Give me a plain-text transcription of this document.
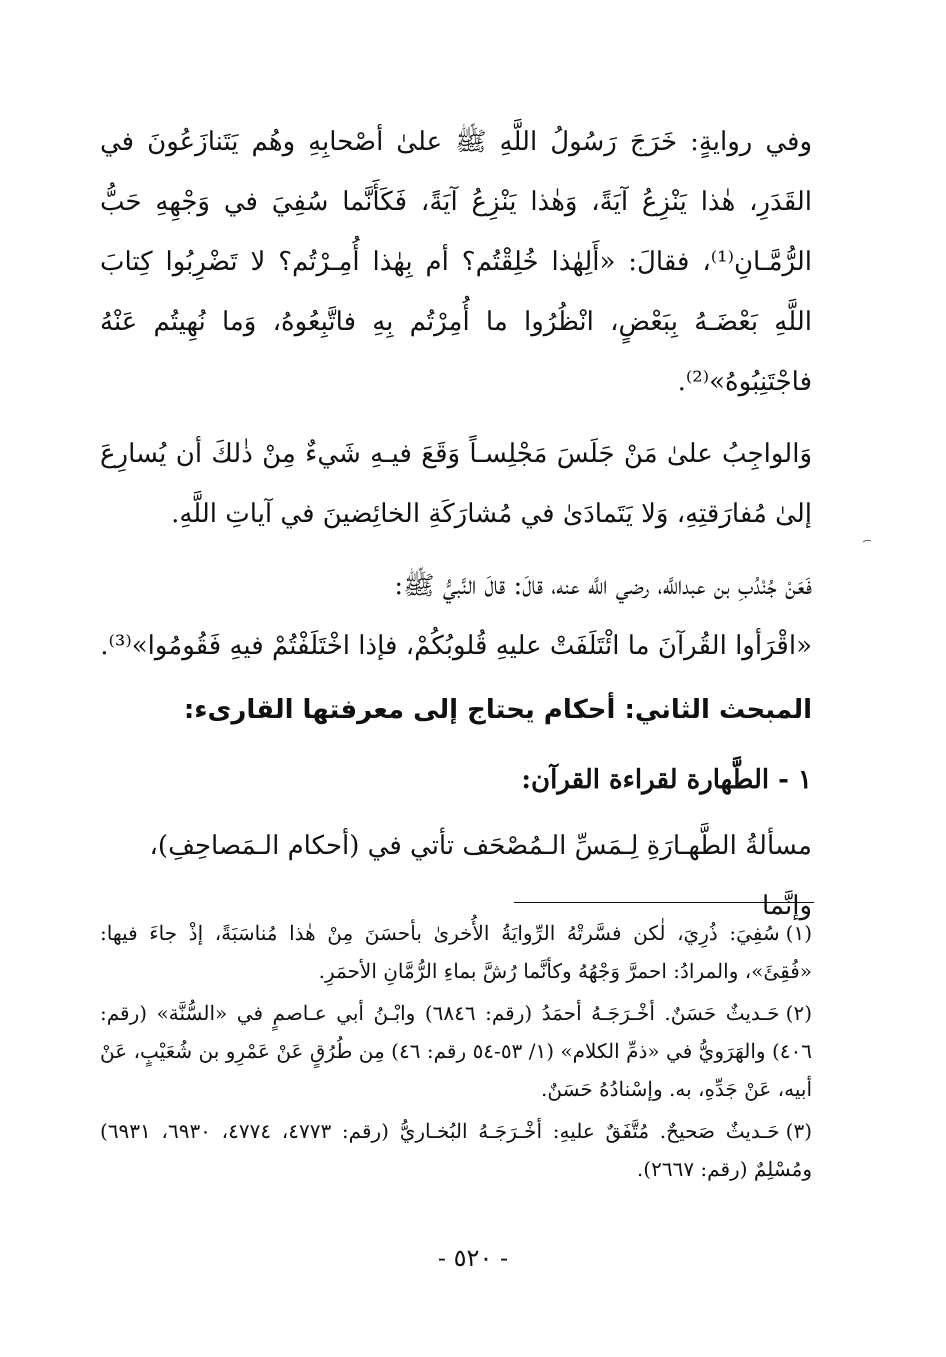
وفي روايةٍ: خَرَجَ رَسُولُ اللَّهِ ﷺ علىٰ أصْحابِهِ وهُم يَتَنازَعُونَ في القَدَرِ، هٰذا يَنْزِعُ آيَةً، وَهٰذا يَنْزِعُ آيَةً، فَكَأَنَّما سُفِيَ في وَجْهِهِ حَبُّ الرُّمَّـانِ⁽¹⁾، فقالَ: «أَلِهٰذا خُلِقْتُم؟ أم بِهٰذا أُمِـرْتُم؟ لا تَضْرِبُوا كِتابَ اللَّهِ بَعْضَـهُ بِبَعْضٍ، انْظُرُوا ما أُمِرْتُم بِهِ فاتَّبِعُوهُ، وَما نُهِيتُم عَنْهُ فاجْتَنِبُوهُ»⁽²⁾.

وَالواجِبُ علىٰ مَنْ جَلَسَ مَجْلِسـاً وَقَعَ فيـهِ شَيءٌ مِنْ ذٰلكَ أن يُسارِعَ إلىٰ مُفارَقتِهِ، وَلا يَتَمادَىٰ في مُشارَكَةِ الخائِضينَ في آياتِ اللَّهِ.

فَعَنْ جُنْدُبِ بن عبداللَّه، رضي اللَّه عنه، قالَ: قالَ النَّبيُّ ﷺ:

«اقْرَأوا القُرآنَ ما ائْتَلَفَتْ عليهِ قُلوبُكُمْ، فإذا اخْتَلَفْتُمْ فيهِ فَقُومُوا»⁽³⁾.

المبحث الثاني: أحكام يحتاج إلى معرفتها القارىء:
١ - الطَّهارة لقراءة القرآن:

مسألةُ الطَّهـارَةِ لِـمَسِّ الـمُصْحَف تأتي في (أحكام الـمَصاحِفِ)، وإنَّما

(١)سُفِيَ: ذُرِيَ، لٰكن فسَّرتْهُ الرِّوايَةُ الأُخرىٰ بأحسَنَ مِنْ هٰذا مُناسَبَةً، إذْ جاءَ فيها: «فُقِئَ»، والمرادُ: احمرَّ وَجْهُهُ وكأنَّما رُشَّ بماءِ الرُّمَّانِ الأحمَرِ.

(٢)حَـديثٌ حَسَنٌ. أخْـرَجَـهُ أحمَدُ (رقم: ٦٨٤٦) وابْـنُ أبي عـاصمٍ في «السُّنَّة» (رقم: ٤٠٦) والهَرَويُّ في «ذمِّ الكلام» (١/ ٥٣-٥٤ رقم: ٤٦) مِن طُرُقٍ عَنْ عَمْرِو بن شُعَيْبٍ، عَنْ أبيه، عَنْ جَدِّهِ، به. وإسْنادُهُ حَسَنٌ.

(٣)حَـديثٌ صَحيحٌ. مُتَّفَقٌ عليهِ: أخْـرَجَـهُ البُخـاريُّ (رقم: ٤٧٧٣، ٤٧٧٤، ٦٩٣٠، ٦٩٣١) ومُسْلِمٌ (رقم: ٢٦٦٧).

- ٥٢٠ -
